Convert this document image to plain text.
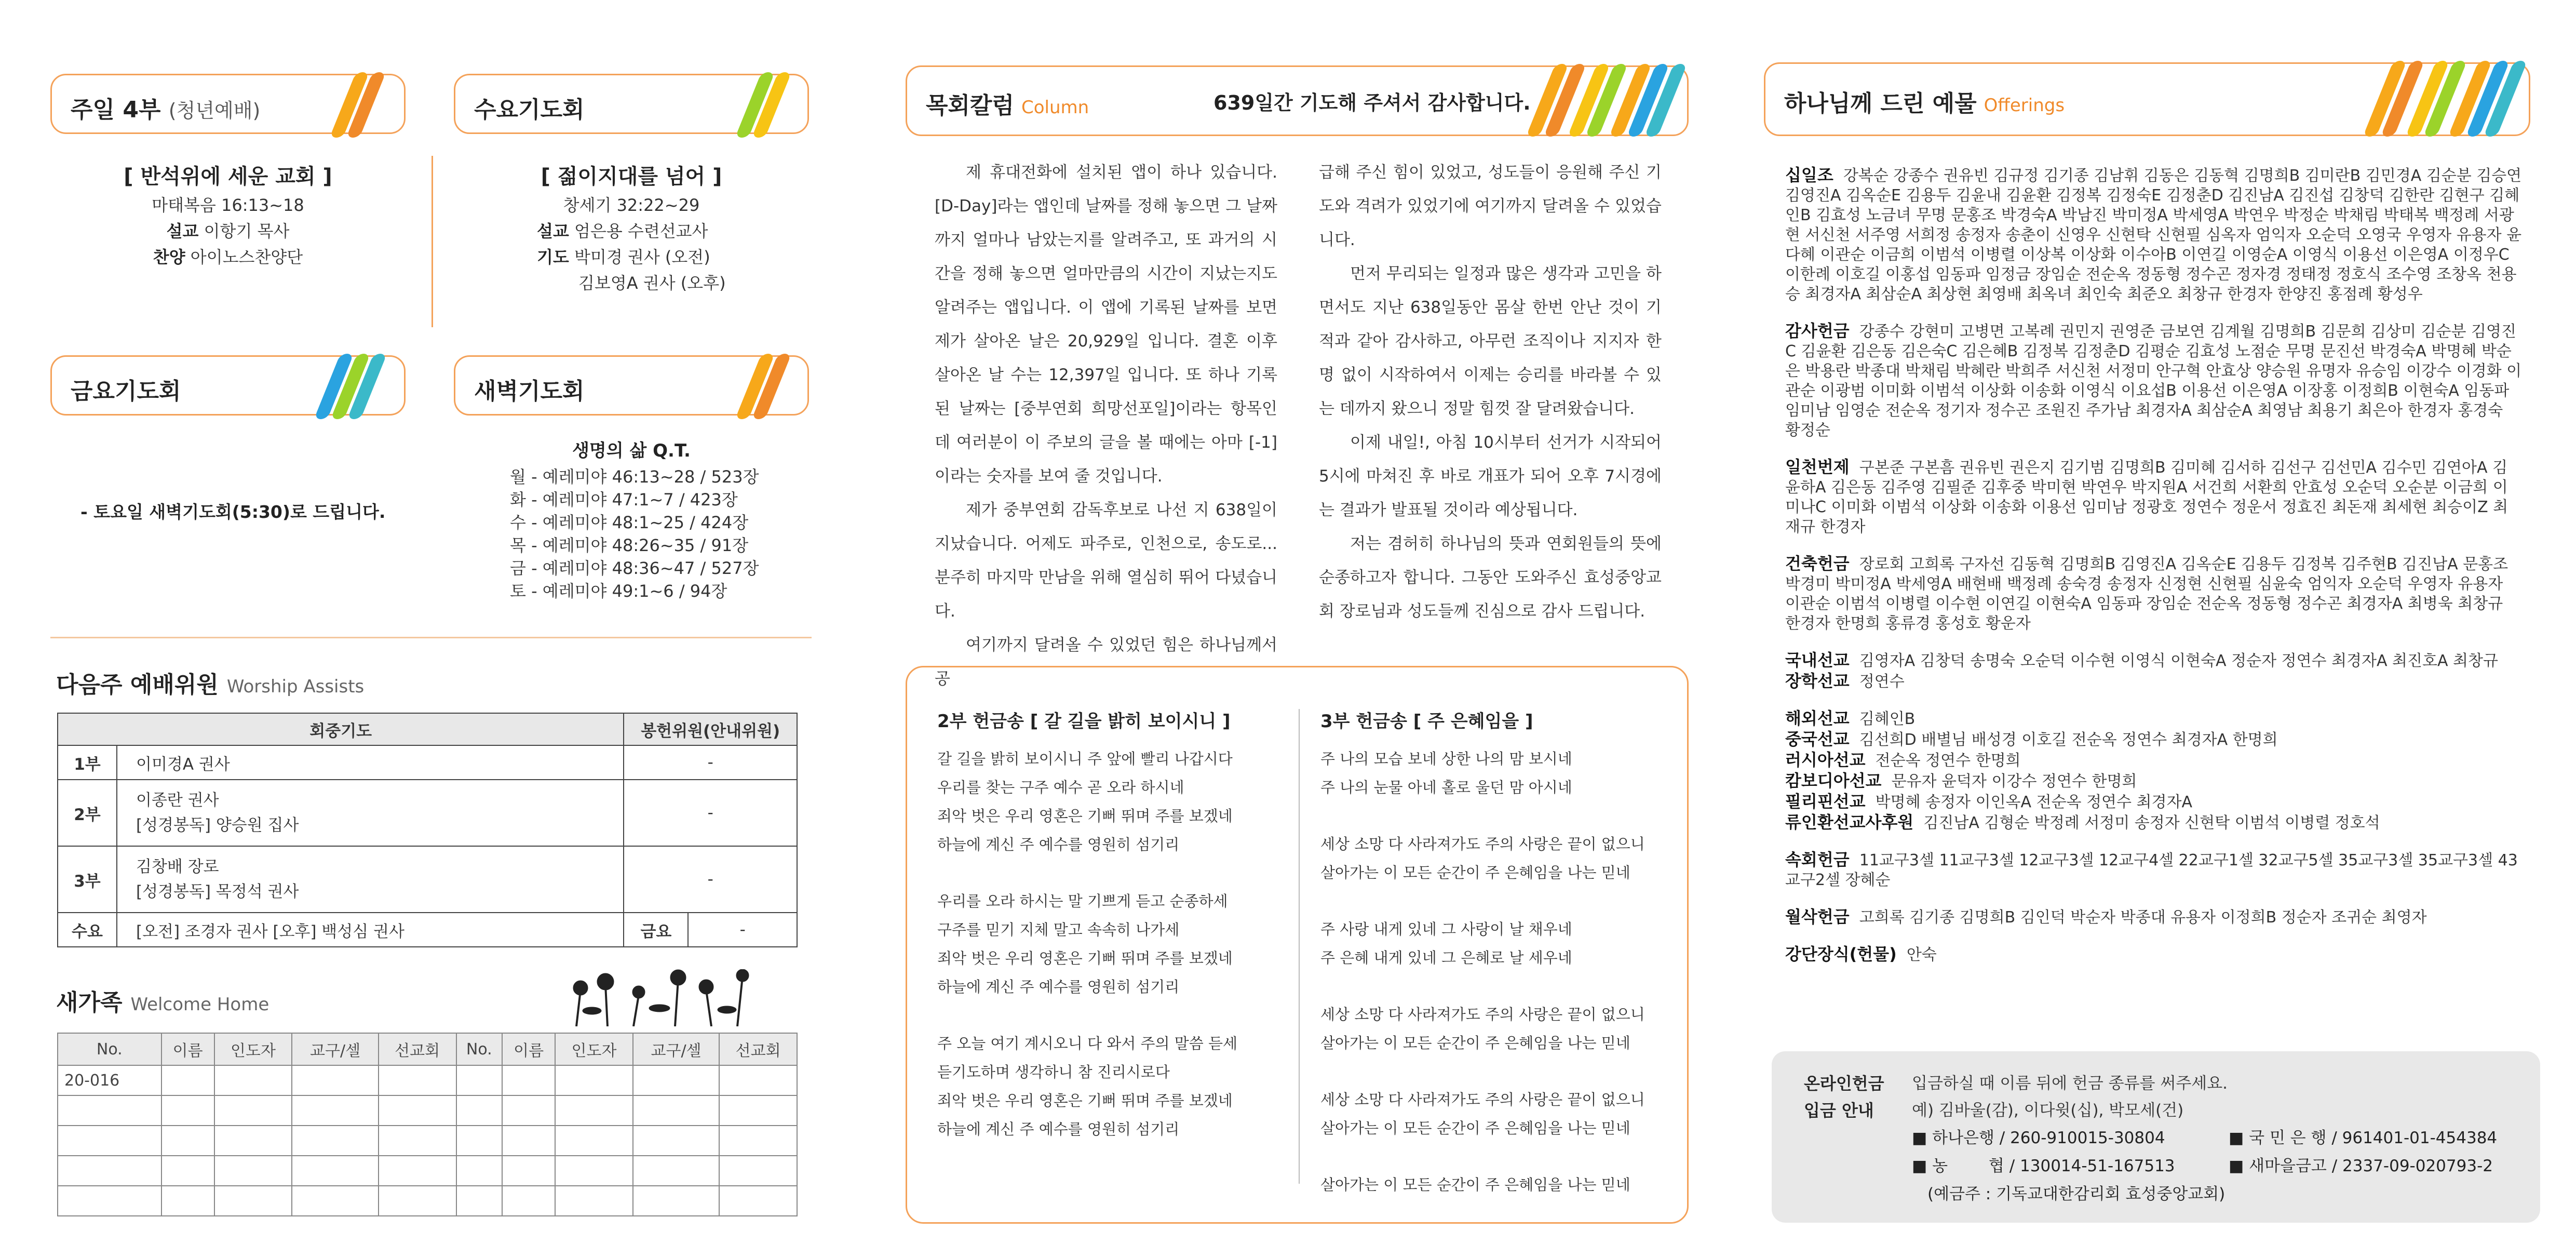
주일 4부 (청년예배)
[ 반석위에 세운 교회 ]
마태복음 16:13~18
설교 이항기 목사
찬양 아이노스찬양단
수요기도회
[ 젊이지대를 넘어 ]
창세기 32:22~29
설교 엄은용 수련선교사
기도 박미경 권사 (오전)
김보영A 권사 (오후)
금요기도회
- 토요일 새벽기도회(5:30)로 드립니다.
새벽기도회
생명의 삶 Q.T.
월 - 예레미야 46:13~28 / 523장
화 - 예레미야 47:1~7 / 423장
수 - 예레미야 48:1~25 / 424장
목 - 예레미야 48:26~35 / 91장
금 - 예레미야 48:36~47 / 527장
토 - 예레미야 49:1~6 / 94장
다음주 예배위원 Worship Assists
회중기도		봉헌위원(안내위원)	
1부	이미경A 권사	-	
2부	이종란 권사
[성경봉독] 양승원 집사	-	
3부	김창배 장로
[성경봉독] 목정석 권사	-	
수요	[오전] 조경자 권사 [오후] 백성심 권사	금요	-
새가족 Welcome Home
No.	이름	인도자	교구/셀	선교회	No.	이름	인도자	교구/셀	선교회
20-016									

목회칼럼 Column	639일간 기도해 주셔서 감사합니다.
제 휴대전화에 설치된 앱이 하나 있습니다. [D-Day]라는 앱인데 날짜를 정해 놓으면 그 날짜까지 얼마나 남았는지를 알려주고, 또 과거의 시간을 정해 놓으면 얼마만큼의 시간이 지났는지도 알려주는 앱입니다. 이 앱에 기록된 날짜를 보면 제가 살아온 날은 20,929일 입니다. 결혼 이후 살아온 날 수는 12,397일 입니다. 또 하나 기록된 날짜는 [중부연회 희망선포일]이라는 항목인데 여러분이 이 주보의 글을 볼 때에는 아마 [-1] 이라는 숫자를 보여 줄 것입니다.
제가 중부연회 감독후보로 나선 지 638일이 지났습니다. 어제도 파주로, 인천으로, 송도로... 분주히 마지막 만남을 위해 열심히 뛰어 다녔습니다.
여기까지 달려올 수 있었던 힘은 하나님께서 공
급해 주신 힘이 있었고, 성도들이 응원해 주신 기도와 격려가 있었기에 여기까지 달려올 수 있었습니다.
먼저 무리되는 일정과 많은 생각과 고민을 하면서도 지난 638일동안 몸살 한번 안난 것이 기적과 같아 감사하고, 아무런 조직이나 지지자 한 명 없이 시작하여서 이제는 승리를 바라볼 수 있는 데까지 왔으니 정말 힘껏 잘 달려왔습니다.
이제 내일!, 아침 10시부터 선거가 시작되어 5시에 마쳐진 후 바로 개표가 되어 오후 7시경에는 결과가 발표될 것이라 예상됩니다.
저는 겸허히 하나님의 뜻과 연회원들의 뜻에 순종하고자 합니다. 그동안 도와주신 효성중앙교회 장로님과 성도들께 진심으로 감사 드립니다.
2부 헌금송 [ 갈 길을 밝히 보이시니 ]
갈 길을 밝히 보이시니 주 앞에 빨리 나갑시다
우리를 찾는 구주 예수 곧 오라 하시네
죄악 벗은 우리 영혼은 기뻐 뛰며 주를 보겠네
하늘에 계신 주 예수를 영원히 섬기리
우리를 오라 하시는 말 기쁘게 듣고 순종하세
구주를 믿기 지체 말고 속속히 나가세
죄악 벗은 우리 영혼은 기뻐 뛰며 주를 보겠네
하늘에 계신 주 예수를 영원히 섬기리
주 오늘 여기 계시오니 다 와서 주의 말씀 듣세
듣기도하며 생각하니 참 진리시로다
죄악 벗은 우리 영혼은 기뻐 뛰며 주를 보겠네
하늘에 계신 주 예수를 영원히 섬기리
3부 헌금송 [ 주 은혜임을 ]
주 나의 모습 보네 상한 나의 맘 보시네
주 나의 눈물 아네 홀로 울던 맘 아시네
세상 소망 다 사라져가도 주의 사랑은 끝이 없으니
살아가는 이 모든 순간이 주 은혜임을 나는 믿네
주 사랑 내게 있네 그 사랑이 날 채우네
주 은혜 내게 있네 그 은혜로 날 세우네
세상 소망 다 사라져가도 주의 사랑은 끝이 없으니
살아가는 이 모든 순간이 주 은혜임을 나는 믿네
세상 소망 다 사라져가도 주의 사랑은 끝이 없으니
살아가는 이 모든 순간이 주 은혜임을 나는 믿네
살아가는 이 모든 순간이 주 은혜임을 나는 믿네
하나님께 드린 예물 Offerings
십일조 강복순 강종수 권유빈 김규정 김기종 김남휘 김동은 김동혁 김명희B 김미란B 김민경A 김순분 김승연 김영진A 김옥순E 김용두 김윤내 김윤환 김정복 김정숙E 김정춘D 김진남A 김진섭 김창덕 김한란 김현구 김혜인B 김효성 노금녀 무명 문홍조 박경숙A 박남진 박미정A 박세영A 박연우 박정순 박채림 박태복 백정례 서광현 서신천 서주영 서희정 송정자 송춘이 신영우 신현탁 신현필 심옥자 엄익자 오순덕 오영국 우영자 유용자 윤다혜 이관순 이금희 이범석 이병렬 이상복 이상화 이수아B 이연길 이영순A 이영식 이용선 이은영A 이정우C 이한례 이호길 이홍섭 임동파 임정금 장임순 전순옥 정동형 정수곤 정자경 정태정 정호식 조수영 조창옥 천용승 최경자A 최삼순A 최상현 최영배 최옥녀 최인숙 최준오 최창규 한경자 한양진 홍점례 황성우
감사헌금 강종수 강현미 고병면 고복례 권민지 권영준 금보연 김계월 김명희B 김문희 김상미 김순분 김영진C 김윤환 김은동 김은숙C 김은혜B 김정복 김정춘D 김평순 김효성 노점순 무명 문진선 박경숙A 박명혜 박순은 박용란 박종대 박채림 박혜란 박희주 서신천 서정미 안구혁 안효상 양승원 유명자 유승임 이강수 이경화 이관순 이광범 이미화 이범석 이상화 이송화 이영식 이요섭B 이용선 이은영A 이장홍 이정희B 이현숙A 임동파 임미남 임영순 전순옥 정기자 정수곤 조원진 주가남 최경자A 최삼순A 최영남 최용기 최은아 한경자 홍경숙 황정순
일천번제 구본준 구본흠 권유빈 권은지 김기범 김명희B 김미혜 김서하 김선구 김선민A 김수민 김연아A 김윤하A 김은동 김주영 김필준 김후중 박미현 박연우 박지원A 서건희 서환희 안효성 오순덕 오순분 이금희 이미나C 이미화 이범석 이상화 이송화 이용선 임미남 정광호 정연수 정운서 정효진 최돈재 최세현 최승이Z 최재규 한경자
건축헌금 장로회 고희록 구자선 김동혁 김명희B 김영진A 김옥순E 김용두 김정복 김주현B 김진남A 문홍조 박경미 박미정A 박세영A 배현배 백정례 송숙경 송정자 신정현 신현필 심윤숙 엄익자 오순덕 우영자 유용자 이관순 이범석 이병렬 이수현 이연길 이현숙A 임동파 장임순 전순옥 정동형 정수곤 최경자A 최병욱 최창규 한경자 한명희 홍류경 홍성호 황운자
국내선교 김영자A 김창덕 송명숙 오순덕 이수현 이영식 이현숙A 정순자 정연수 최경자A 최진호A 최창규
장학선교 정연수
해외선교 김혜인B
중국선교 김선희D 배별님 배성경 이호길 전순옥 정연수 최경자A 한명희
러시아선교 전순옥 정연수 한명희
캄보디아선교 문유자 윤덕자 이강수 정연수 한명희
필리핀선교 박명혜 송정자 이인옥A 전순옥 정연수 최경자A
류인환선교사후원 김진남A 김형순 박정례 서정미 송정자 신현탁 이범석 이병렬 정호석
속회헌금 11교구3셀 11교구3셀 12교구3셀 12교구4셀 22교구1셀 32교구5셀 35교구3셀 35교구3셀 43교구2셀 장혜순
월삭헌금 고희록 김기종 김명희B 김인덕 박순자 박종대 유용자 이정희B 정순자 조귀순 최영자
강단장식(헌물) 안숙
온라인헌금
입금 안내
입금하실 때 이름 뒤에 헌금 종류를 써주세요.
예) 김바울(감), 이다윗(십), 박모세(건)
■ 하나은행 / 260-910015-30804
■ 농        협 / 130014-51-167513
(예금주 : 기독교대한감리회 효성중앙교회)
■ 국 민 은 행 / 961401-01-454384
■ 새마을금고 / 2337-09-020793-2
